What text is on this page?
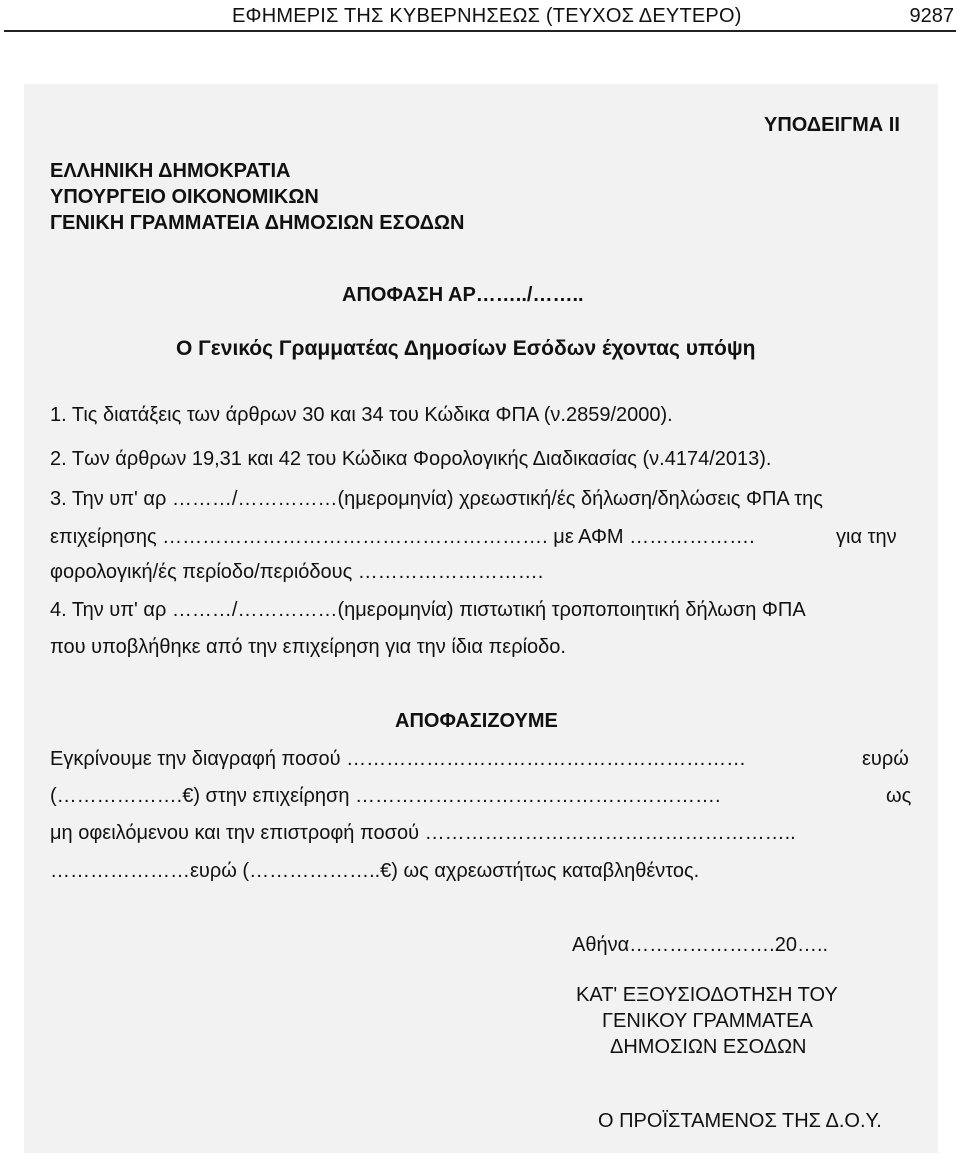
ΕΦΗΜΕΡΙΣ ΤΗΣ ΚΥΒΕΡΝΗΣΕΩΣ (ΤΕΥΧΟΣ ΔΕΥΤΕΡΟ)	9287
ΥΠΟΔΕΙΓΜΑ ΙΙ
ΕΛΛΗΝΙΚΗ ΔΗΜΟΚΡΑΤΙΑ
ΥΠΟΥΡΓΕΙΟ ΟΙΚΟΝΟΜΙΚΩΝ
ΓΕΝΙΚΗ ΓΡΑΜΜΑΤΕΙΑ ΔΗΜΟΣΙΩΝ ΕΣΟΔΩΝ
ΑΠΟΦΑΣΗ ΑΡ……../……..
Ο Γενικός Γραμματέας Δημοσίων Εσόδων έχοντας υπόψη
1. Τις διατάξεις των άρθρων 30 και 34 του Κώδικα ΦΠΑ (ν.2859/2000).
2. Των άρθρων 19,31 και 42 του Κώδικα Φορολογικής Διαδικασίας (ν.4174/2013).
3. Την υπ' αρ ………/……………(ημερομηνία) χρεωστική/ές δήλωση/δηλώσεις ΦΠΑ της
επιχείρησης …………………………………………………. με ΑΦΜ ……………….	για την
φορολογική/ές περίοδο/περιόδους ……………………….
4. Την υπ' αρ ………/……………(ημερομηνία) πιστωτική τροποποιητική δήλωση ΦΠΑ
που υποβλήθηκε από την επιχείρηση για την ίδια περίοδο.
ΑΠΟΦΑΣΙΖΟΥΜΕ
Εγκρίνουμε την διαγραφή ποσού ……………………………………………………	ευρώ
(……………….€) στην επιχείρηση ……………………………………………….	ως
μη οφειλόμενου και την επιστροφή ποσού ………………………………………………..
…………………ευρώ (………………..€) ως αχρεωστήτως καταβληθέντος.
Αθήνα………………….20…..
ΚΑΤ' ΕΞΟΥΣΙΟΔΟΤΗΣΗ ΤΟΥ
ΓΕΝΙΚΟΥ ΓΡΑΜΜΑΤΕΑ
ΔΗΜΟΣΙΩΝ ΕΣΟΔΩΝ
Ο ΠΡΟΪΣΤΑΜΕΝΟΣ ΤΗΣ Δ.Ο.Υ.
